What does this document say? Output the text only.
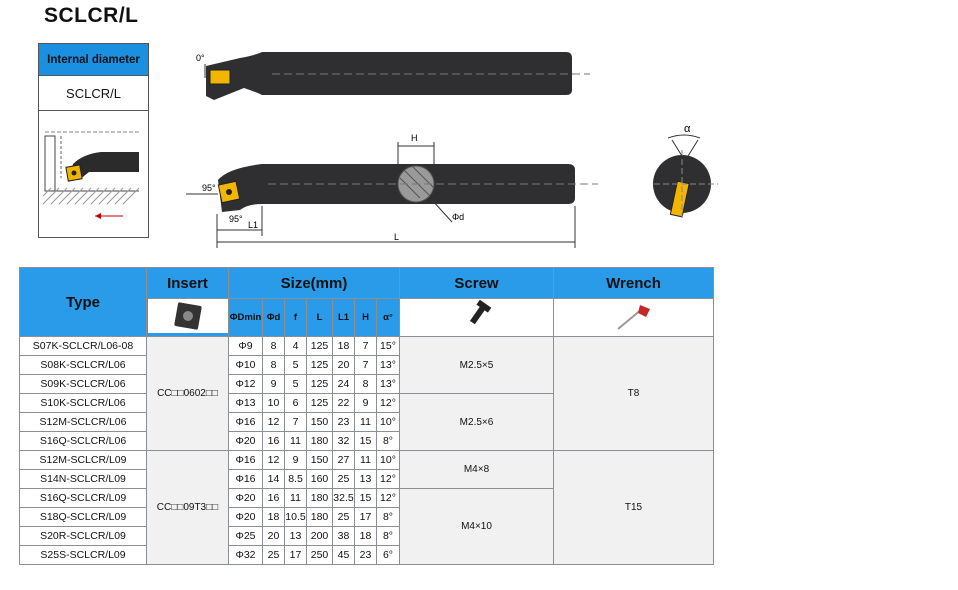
SCLCR/L
Internal diameter
SCLCR/L
0°
H
Φd
95°
95°
L1
L
α
Type	Insert	Size(mm)							Screw	Wrench
	ΦDmin	Φd	f	L	L1	H	α°		
S07K-SCLCR/L06-08	CC□□0602□□	Φ9	8	4	125	18	7	15°	M2.5×5	T8
S08K-SCLCR/L06		Φ10	8	5	125	20	7	13°		
S09K-SCLCR/L06		Φ12	9	5	125	24	8	13°		
S10K-SCLCR/L06		Φ13	10	6	125	22	9	12°	M2.5×6	
S12M-SCLCR/L06		Φ16	12	7	150	23	11	10°		
S16Q-SCLCR/L06		Φ20	16	11	180	32	15	8°		
S12M-SCLCR/L09	CC□□09T3□□	Φ16	12	9	150	27	11	10°	M4×8	T15
S14N-SCLCR/L09		Φ16	14	8.5	160	25	13	12°		
S16Q-SCLCR/L09		Φ20	16	11	180	32.5	15	12°	M4×10	
S18Q-SCLCR/L09		Φ20	18	10.5	180	25	17	8°		
S20R-SCLCR/L09		Φ25	20	13	200	38	18	8°		
S25S-SCLCR/L09		Φ32	25	17	250	45	23	6°		
